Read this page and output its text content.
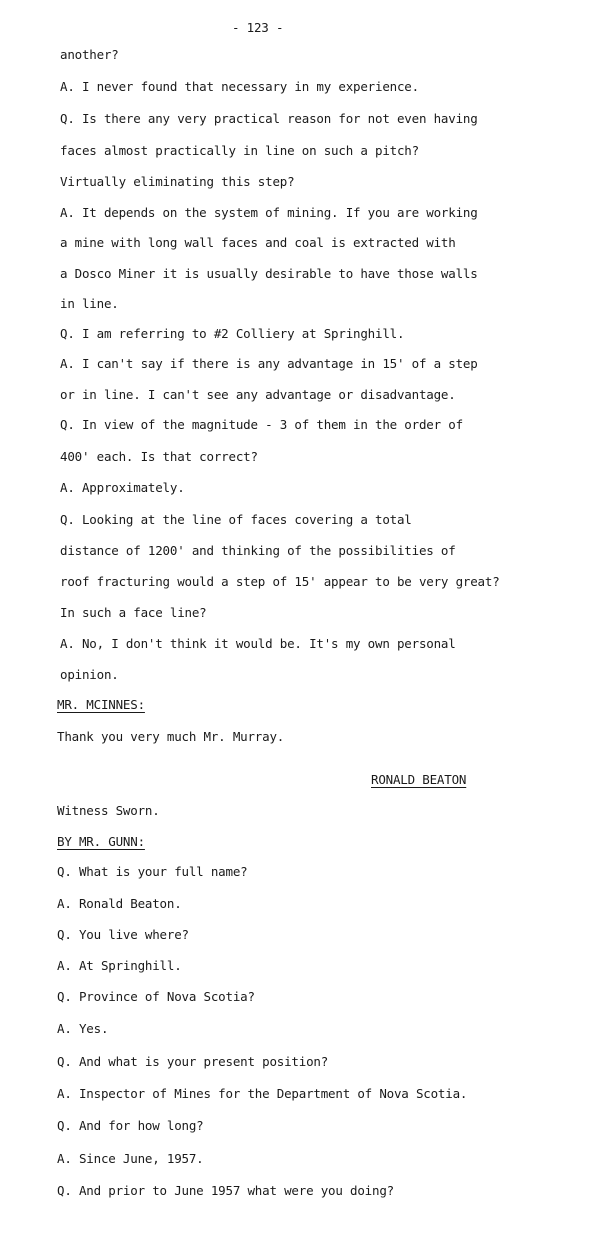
- 123 -
another?
A. I never found that necessary in my experience.
Q. Is there any very practical reason for not even having
faces almost practically in line on such a pitch?
Virtually eliminating this step?
A. It depends on the system of mining. If you are working
a mine with long wall faces and coal is extracted with
a Dosco Miner it is usually desirable to have those walls
in line.
Q. I am referring to #2 Colliery at Springhill.
A. I can't say if there is any advantage in 15' of a step
or in line. I can't see any advantage or disadvantage.
Q. In view of the magnitude - 3 of them in the order of
400' each. Is that correct?
A. Approximately.
Q. Looking at the line of faces covering a total
distance of 1200' and thinking of the possibilities of
roof fracturing would a step of 15' appear to be very great?
In such a face line?
A. No, I don't think it would be. It's my own personal
opinion.
MR. MCINNES:
Thank you very much Mr. Murray.
RONALD BEATON
Witness Sworn.
BY MR. GUNN:
Q. What is your full name?
A. Ronald Beaton.
Q. You live where?
A. At Springhill.
Q. Province of Nova Scotia?
A. Yes.
Q. And what is your present position?
A. Inspector of Mines for the Department of Nova Scotia.
Q. And for how long?
A. Since June, 1957.
Q. And prior to June 1957 what were you doing?
